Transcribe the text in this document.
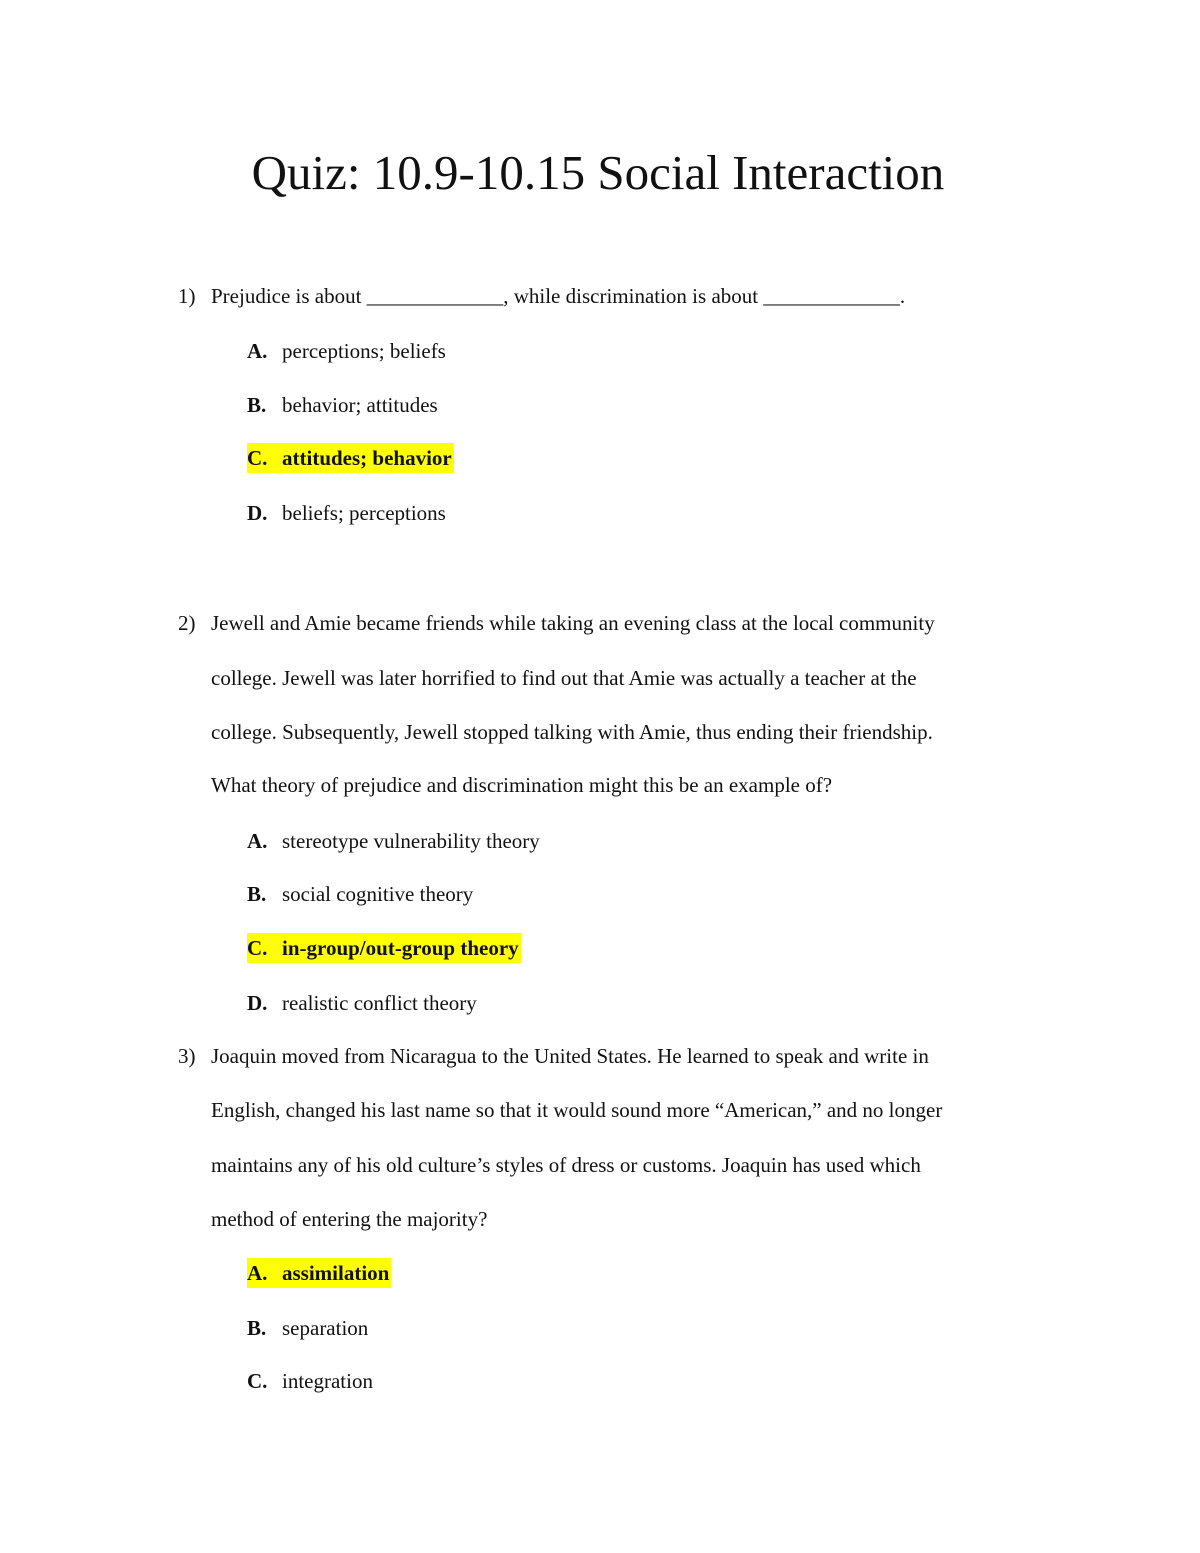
Quiz: 10.9-10.15 Social Interaction
1) Prejudice is about _____________, while discrimination is about _____________.
A. perceptions; beliefs
B. behavior; attitudes
C. attitudes; behavior
D. beliefs; perceptions
2) Jewell and Amie became friends while taking an evening class at the local community
college. Jewell was later horrified to find out that Amie was actually a teacher at the
college. Subsequently, Jewell stopped talking with Amie, thus ending their friendship.
What theory of prejudice and discrimination might this be an example of?
A. stereotype vulnerability theory
B. social cognitive theory
C. in-group/out-group theory
D. realistic conflict theory
3) Joaquin moved from Nicaragua to the United States. He learned to speak and write in
English, changed his last name so that it would sound more “American,” and no longer
maintains any of his old culture’s styles of dress or customs. Joaquin has used which
method of entering the majority?
A. assimilation
B. separation
C. integration
